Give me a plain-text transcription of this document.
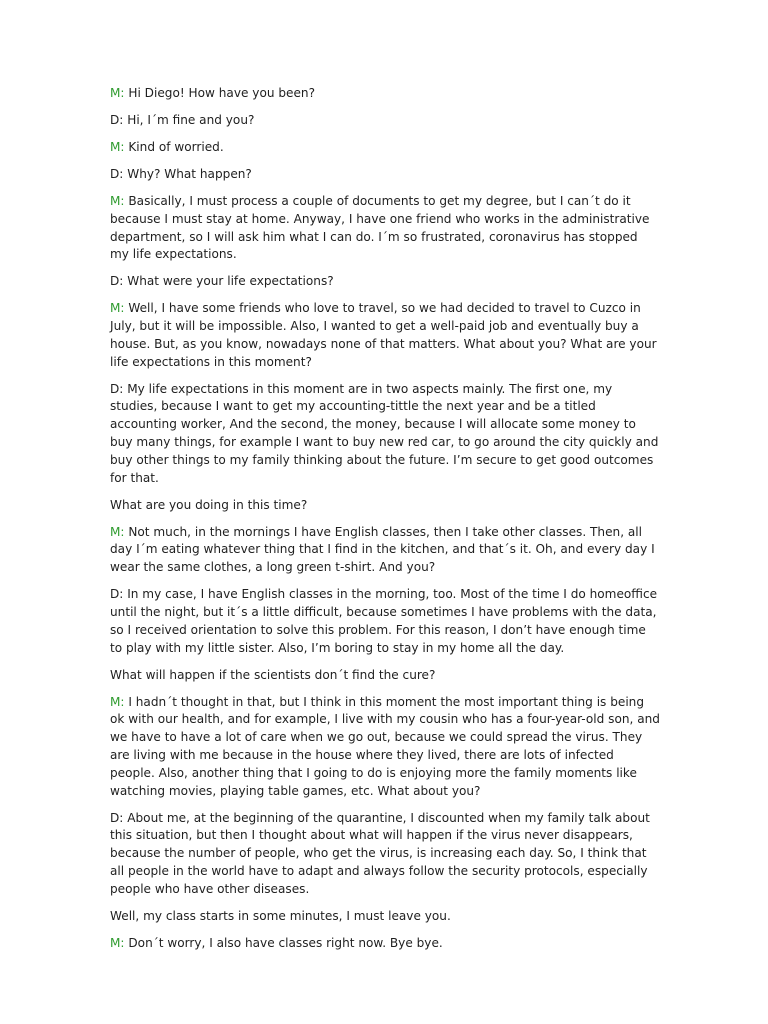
M: Hi Diego! How have you been?

D: Hi, I´m fine and you?

M: Kind of worried.

D: Why? What happen?

M: Basically, I must process a couple of documents to get my degree, but I can´t do it because I must stay at home. Anyway, I have one friend who works in the administrative department, so I will ask him what I can do. I´m so frustrated, coronavirus has stopped my life expectations.

D: What were your life expectations?

M: Well, I have some friends who love to travel, so we had decided to travel to Cuzco in July, but it will be impossible. Also, I wanted to get a well-paid job and eventually buy a house. But, as you know, nowadays none of that matters. What about you? What are your life expectations in this moment?

D: My life expectations in this moment are in two aspects mainly. The first one, my studies, because I want to get my accounting-tittle the next year and be a titled accounting worker, And the second, the money, because I will allocate some money to buy many things, for example I want to buy new red car, to go around the city quickly and buy other things to my family thinking about the future. I’m secure to get good outcomes for that.

What are you doing in this time?

M: Not much, in the mornings I have English classes, then I take other classes. Then, all day I´m eating whatever thing that I find in the kitchen, and that´s it. Oh, and every day I wear the same clothes, a long green t-shirt. And you?

D: In my case, I have English classes in the morning, too. Most of the time I do homeoffice until the night, but it´s a little difficult, because sometimes I have problems with the data, so I received orientation to solve this problem. For this reason, I don’t have enough time to play with my little sister. Also, I’m boring to stay in my home all the day.

What will happen if the scientists don´t find the cure?

M: I hadn´t thought in that, but I think in this moment the most important thing is being ok with our health, and for example, I live with my cousin who has a four-year-old son, and we have to have a lot of care when we go out, because we could spread the virus. They are living with me because in the house where they lived, there are lots of infected people. Also, another thing that I going to do is enjoying more the family moments like watching movies, playing table games, etc. What about you?

D: About me, at the beginning of the quarantine, I discounted when my family talk about this situation, but then I thought about what will happen if the virus never disappears, because the number of people, who get the virus, is increasing each day. So, I think that all people in the world have to adapt and always follow the security protocols, especially people who have other diseases.

Well, my class starts in some minutes, I must leave you.

M: Don´t worry, I also have classes right now. Bye bye.
